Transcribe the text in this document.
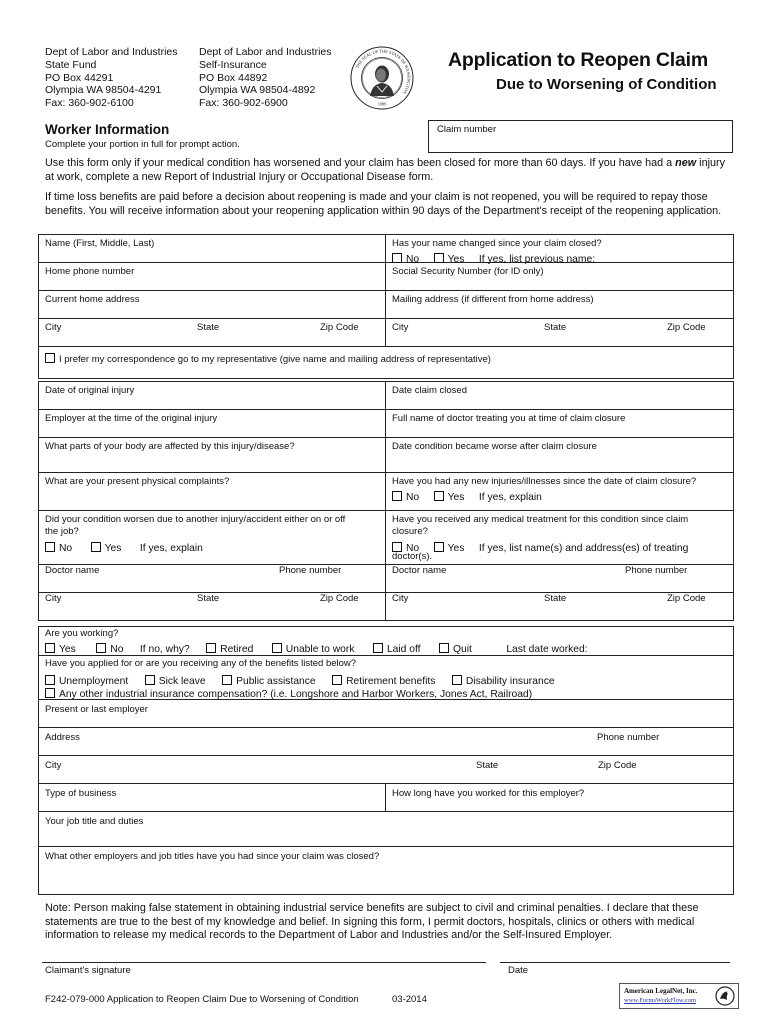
Dept of Labor and Industries
State Fund
PO Box 44291
Olympia WA 98504-4291
Fax: 360-902-6100
Dept of Labor and Industries
Self-Insurance
PO Box 44892
Olympia WA 98504-4892
Fax: 360-902-6900
THE SEAL OF THE STATE OF WASHINGTON
1889
Application to Reopen Claim
Due to Worsening of Condition
Worker Information
Complete your portion in full for prompt action.
Claim number
Use this form only if your medical condition has worsened and your claim has been closed for more than 60 days. If you have had a new injury at work, complete a new Report of Industrial Injury or Occupational Disease form.
If time loss benefits are paid before a decision about reopening is made and your claim is not reopened, you will be required to repay those benefits. You will receive information about your reopening application within 90 days of the Department's receipt of the reopening application.
Name (First, Middle, Last)	Has your name changed since your claim closed?
No	Yes If yes, list previous name:
Home phone number	Social Security Number (for ID only)
Current home address	Mailing address (if different from home address)
City	State	Zip Code	City	State	Zip Code
I prefer my correspondence go to my representative (give name and mailing address of representative)
Date of original injury	Date claim closed
Employer at the time of the original injury	Full name of doctor treating you at time of claim closure
What parts of your body are affected by this injury/disease?	Date condition became worse after claim closure
What are your present physical complaints?	Have you had any new injuries/illnesses since the date of claim closure?
No	Yes If yes, explain
Did your condition worsen due to another injury/accident either on or off
the job?
No	Yes If yes, explain
Have you received any medical treatment for this condition since claim
closure?
No	Yes If yes, list name(s) and address(es) of treating
doctor(s).
Doctor name	Phone number	Doctor name	Phone number
City	State	Zip Code	City	State	Zip Code
Are you working?
Yes	No If no, why?	Retired	Unable to work	Laid off	Quit	Last date worked:
Have you applied for or are you receiving any of the benefits listed below?
Unemployment	Sick leave	Public assistance	Retirement benefits	Disability insurance
Any other industrial insurance compensation? (i.e. Longshore and Harbor Workers, Jones Act, Railroad)
Present or last employer
Address	Phone number
City	State	Zip Code
Type of business	How long have you worked for this employer?
Your job title and duties
What other employers and job titles have you had since your claim was closed?
Note: Person making false statement in obtaining industrial service benefits are subject to civil and criminal penalties. I declare that these statements are true to the best of my knowledge and belief. In signing this form, I permit doctors, hospitals, clinics or others with medical information to release my medical records to the Department of Labor and Industries and/or the Self-Insured Employer.
Claimant's signature	Date
F242-079-000 Application to Reopen Claim Due to Worsening of Condition	03-2014
American LegalNet, Inc.
www.FormsWorkFlow.com
